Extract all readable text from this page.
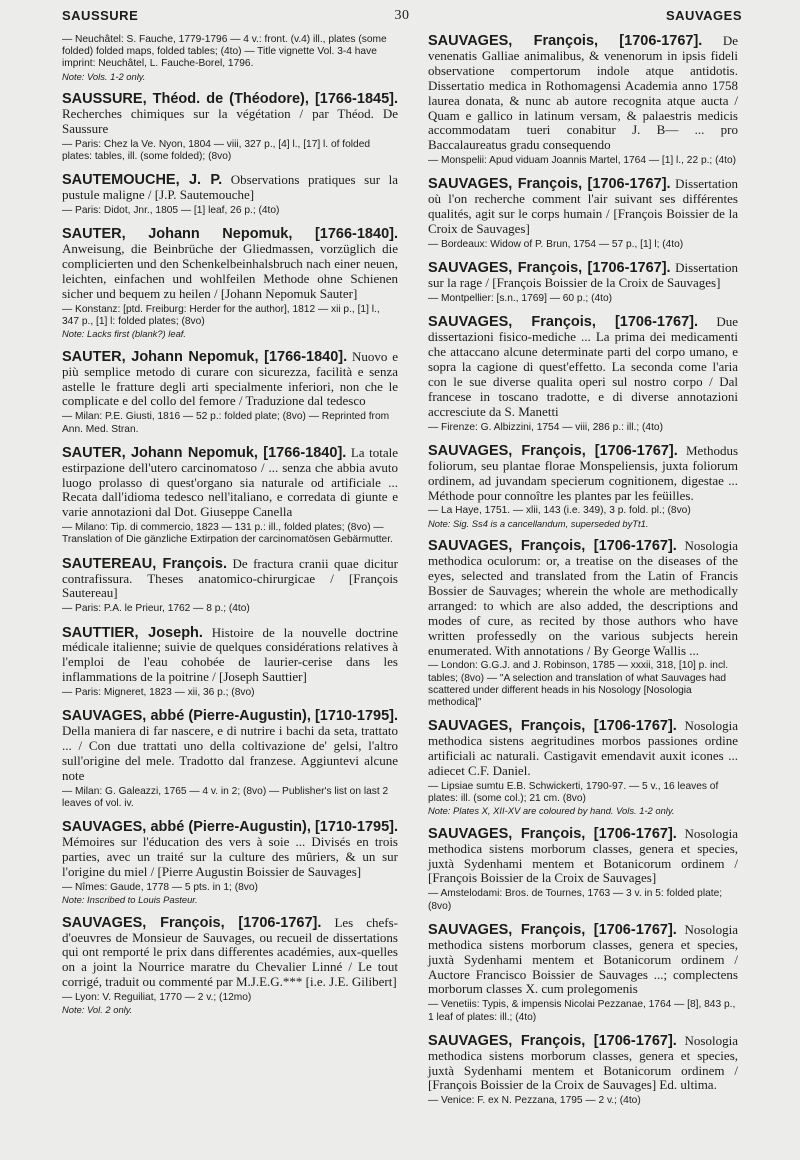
SAUSSURE	30	SAUVAGES

— Neuchâtel: S. Fauche, 1779-1796 — 4 v.: front. (v.4) ill., plates (some folded) folded maps, folded tables; (4to) — Title vignette Vol. 3-4 have imprint: Neuchâtel, L. Fauche-Borel, 1796.

Note: Vols. 1-2 only.

SAUSSURE, Théod. de (Théodore), [1766-1845]. Recherches chimiques sur la végétation / par Théod. De Saussure

— Paris: Chez la Ve. Nyon, 1804 — viii, 327 p., [4] l., [17] l. of folded plates: tables, ill. (some folded); (8vo)

SAUTEMOUCHE, J. P. Observations pratiques sur la pustule maligne / [J.P. Sautemouche]

— Paris: Didot, Jnr., 1805 — [1] leaf, 26 p.; (4to)

SAUTER, Johann Nepomuk, [1766-1840]. Anweisung, die Beinbrüche der Gliedmassen, vorzüglich die complicierten und den Schenkelbeinhalsbruch nach einer neuen, leichten, einfachen und wohlfeilen Methode ohne Schienen sicher und bequem zu heilen / [Johann Nepomuk Sauter]

— Konstanz: [ptd. Freiburg: Herder for the author], 1812 — xii p., [1] l., 347 p., [1] l: folded plates; (8vo)

Note: Lacks first (blank?) leaf.

SAUTER, Johann Nepomuk, [1766-1840]. Nuovo e più semplice metodo di curare con sicurezza, facilità e senza astelle le fratture degli arti specialmente inferiori, non che le complicate e del collo del femore / Traduzione dal tedesco

— Milan: P.E. Giusti, 1816 — 52 p.: folded plate; (8vo) — Reprinted from Ann. Med. Stran.

SAUTER, Johann Nepomuk, [1766-1840]. La totale estirpazione dell'utero carcinomatoso / ... senza che abbia avuto luogo prolasso di quest'organo sia naturale od artificiale ... Recata dall'idioma tedesco nell'italiano, e corredata di giunte e varie annotazioni dal Dot. Giuseppe Canella

— Milano: Tip. di commercio, 1823 — 131 p.: ill., folded plates; (8vo) — Translation of Die gänzliche Extirpation der carcinomatösen Gebärmutter.

SAUTEREAU, François. De fractura cranii quae dicitur contrafissura. Theses anatomico-chirurgicae / [François Sautereau]

— Paris: P.A. le Prieur, 1762 — 8 p.; (4to)

SAUTTIER, Joseph. Histoire de la nouvelle doctrine médicale italienne; suivie de quelques considérations relatives à l'emploi de l'eau cohobée de laurier-cerise dans les inflammations de la poitrine / [Joseph Sauttier]

— Paris: Migneret, 1823 — xii, 36 p.; (8vo)

SAUVAGES, abbé (Pierre-Augustin), [1710-1795]. Della maniera di far nascere, e di nutrire i bachi da seta, trattato ... / Con due trattati uno della coltivazione de' gelsi, l'altro sull'origine del mele. Tradotto dal franzese. Aggiuntevi alcune note

— Milan: G. Galeazzi, 1765 — 4 v. in 2; (8vo) — Publisher's list on last 2 leaves of vol. iv.

SAUVAGES, abbé (Pierre-Augustin), [1710-1795]. Mémoires sur l'éducation des vers à soie ... Divisés en trois parties, avec un traité sur la culture des mûriers, & un sur l'origine du miel / [Pierre Augustin Boissier de Sauvages]

— Nîmes: Gaude, 1778 — 5 pts. in 1; (8vo)

Note: Inscribed to Louis Pasteur.

SAUVAGES, François, [1706-1767]. Les chefs-d'oeuvres de Monsieur de Sauvages, ou recueil de dissertations qui ont remporté le prix dans differentes académies, aux-quelles on a joint la Nourrice maratre du Chevalier Linné / Le tout corrigé, traduit ou commenté par M.J.E.G.*** [i.e. J.E. Gilibert]

— Lyon: V. Reguiliat, 1770 — 2 v.; (12mo)

Note: Vol. 2 only.

SAUVAGES, François, [1706-1767]. De venenatis Galliae animalibus, & venenorum in ipsis fideli observatione compertorum indole atque antidotis. Dissertatio medica in Rothomagensi Academia anno 1758 laurea donata, & nunc ab autore recognita atque aucta / Quam e gallico in latinum versam, & palaestris medicis accommodatam tueri conabitur J. B— ... pro Baccalaureatus gradu consequendo

— Monspelii: Apud viduam Joannis Martel, 1764 — [1] l., 22 p.; (4to)

SAUVAGES, François, [1706-1767]. Dissertation où l'on recherche comment l'air suivant ses différentes qualités, agit sur le corps humain / [François Boissier de la Croix de Sauvages]

— Bordeaux: Widow of P. Brun, 1754 — 57 p., [1] l; (4to)

SAUVAGES, François, [1706-1767]. Dissertation sur la rage / [François Boissier de la Croix de Sauvages]

— Montpellier: [s.n., 1769] — 60 p.; (4to)

SAUVAGES, François, [1706-1767]. Due dissertazioni fisico-mediche ... La prima dei medicamenti che attaccano alcune determinate parti del corpo umano, e sopra la cagione di quest'effetto. La seconda come l'aria con le sue diverse qualita operi sul nostro corpo / Dal francese in toscano tradotte, e di diverse annotazioni accresciute da S. Manetti

— Firenze: G. Albizzini, 1754 — viii, 286 p.: ill.; (4to)

SAUVAGES, François, [1706-1767]. Methodus foliorum, seu plantae florae Monspeliensis, juxta foliorum ordinem, ad juvandam specierum cognitionem, digestae ... Méthode pour connoître les plantes par les feüilles.

— La Haye, 1751. — xlii, 143 (i.e. 349), 3 p. fold. pl.; (8vo)

Note: Sig. Ss4 is a cancellandum, superseded byTt1.

SAUVAGES, François, [1706-1767]. Nosologia methodica oculorum: or, a treatise on the diseases of the eyes, selected and translated from the Latin of Francis Bossier de Sauvages; wherein the whole are methodically arranged: to which are also added, the descriptions and modes of cure, as recited by those authors who have written professedly on the various subjects herein enumerated. With annotations / By George Wallis ...

— London: G.G.J. and J. Robinson, 1785 — xxxii, 318, [10] p. incl. tables; (8vo) — "A selection and translation of what Sauvages had scattered under different heads in his Nosology [Nosologia methodica]"

SAUVAGES, François, [1706-1767]. Nosologia methodica sistens aegritudines morbos passiones ordine artificiali ac naturali. Castigavit emendavit auxit icones ... adiecet C.F. Daniel.

— Lipsiae sumtu E.B. Schwickerti, 1790-97. — 5 v., 16 leaves of plates: ill. (some col.); 21 cm. (8vo)

Note: Plates X, XII-XV are coloured by hand. Vols. 1-2 only.

SAUVAGES, François, [1706-1767]. Nosologia methodica sistens morborum classes, genera et species, juxtà Sydenhami mentem et Botanicorum ordinem / [François Boissier de la Croix de Sauvages]

— Amstelodami: Bros. de Tournes, 1763 — 3 v. in 5: folded plate; (8vo)

SAUVAGES, François, [1706-1767]. Nosologia methodica sistens morborum classes, genera et species, juxtà Sydenhami mentem et Botanicorum ordinem / Auctore Francisco Boissier de Sauvages ...; complectens morborum classes X. cum prolegomenis

— Venetiis: Typis, & impensis Nicolai Pezzanae, 1764 — [8], 843 p., 1 leaf of plates: ill.; (4to)

SAUVAGES, François, [1706-1767]. Nosologia methodica sistens morborum classes, genera et species, juxtà Sydenhami mentem et Botanicorum ordinem / [François Boissier de la Croix de Sauvages] Ed. ultima.

— Venice: F. ex N. Pezzana, 1795 — 2 v.; (4to)
